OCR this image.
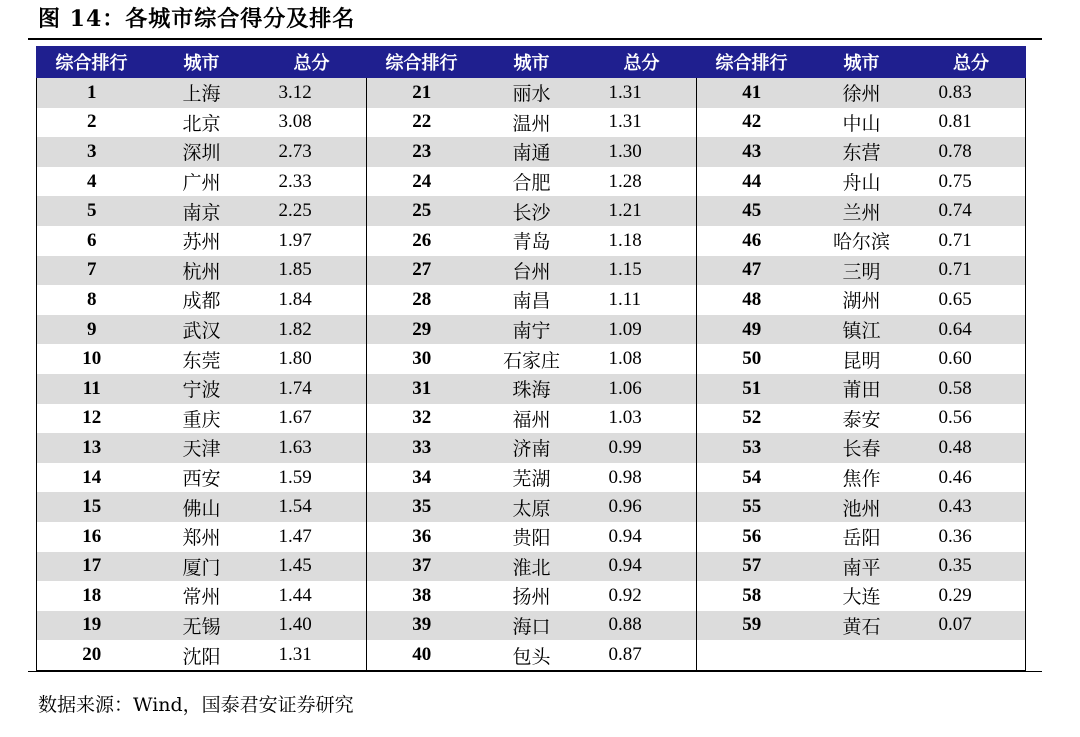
图 14：各城市综合得分及排名
综合排行	城市	总分	综合排行	城市	总分	综合排行	城市	总分
1	上海	3.12	21	丽水	1.31	41	徐州	0.83
2	北京	3.08	22	温州	1.31	42	中山	0.81
3	深圳	2.73	23	南通	1.30	43	东营	0.78
4	广州	2.33	24	合肥	1.28	44	舟山	0.75
5	南京	2.25	25	长沙	1.21	45	兰州	0.74
6	苏州	1.97	26	青岛	1.18	46	哈尔滨	0.71
7	杭州	1.85	27	台州	1.15	47	三明	0.71
8	成都	1.84	28	南昌	1.11	48	湖州	0.65
9	武汉	1.82	29	南宁	1.09	49	镇江	0.64
10	东莞	1.80	30	石家庄	1.08	50	昆明	0.60
11	宁波	1.74	31	珠海	1.06	51	莆田	0.58
12	重庆	1.67	32	福州	1.03	52	泰安	0.56
13	天津	1.63	33	济南	0.99	53	长春	0.48
14	西安	1.59	34	芜湖	0.98	54	焦作	0.46
15	佛山	1.54	35	太原	0.96	55	池州	0.43
16	郑州	1.47	36	贵阳	0.94	56	岳阳	0.36
17	厦门	1.45	37	淮北	0.94	57	南平	0.35
18	常州	1.44	38	扬州	0.92	58	大连	0.29
19	无锡	1.40	39	海口	0.88	59	黄石	0.07
20	沈阳	1.31	40	包头	0.87			
数据来源：Wind，国泰君安证券研究
